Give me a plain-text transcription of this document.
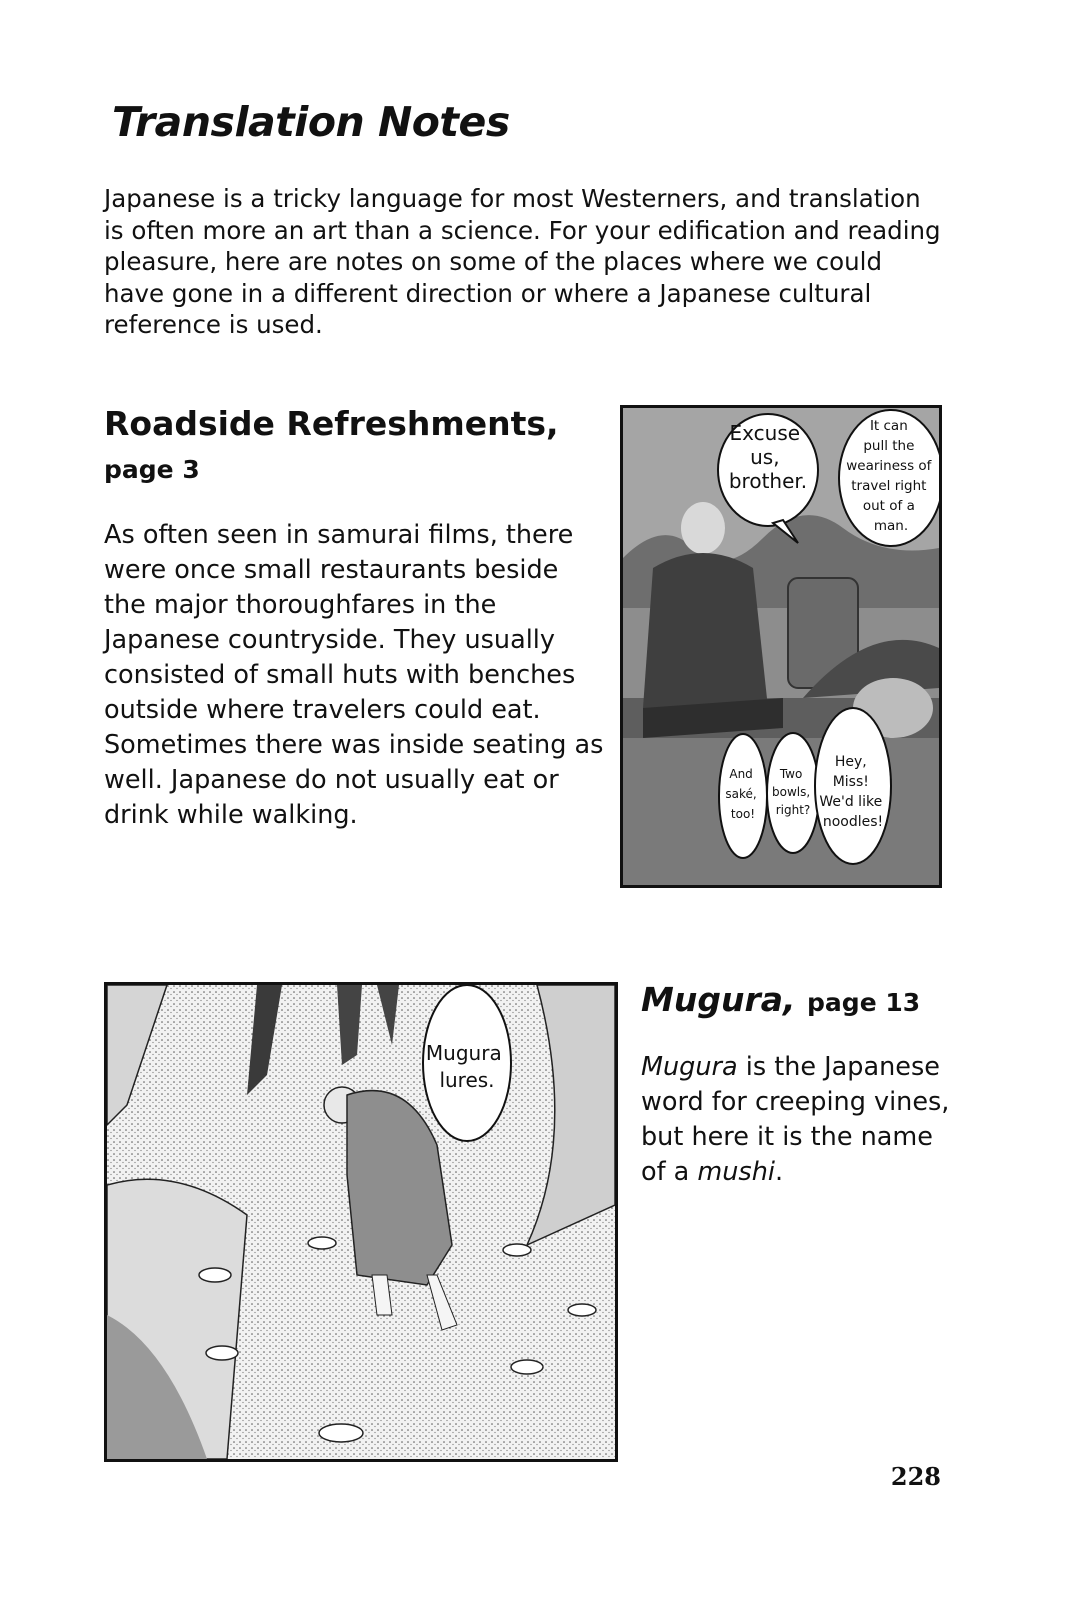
Translation Notes

Japanese is a tricky language for most Westerners, and translation is often more an art than a science. For your edification and reading pleasure, here are notes on some of the places where we could have gone in a different direction or where a Japanese cultural reference is used.

Roadside Refreshments,

page 3

As often seen in samurai films, there were once small restaurants beside the major thoroughfares in the Japanese countryside. They usually consisted of small huts with benches outside where travelers could eat. Sometimes there was inside seating as well. Japanese do not usually eat or drink while walking.

Excuse us, brother.
It can pull the weariness of travel right out of a man.
And saké, too!
Two bowls, right?
Hey, Miss! We'd like noodles!
Mugura lures.
Mugura, page 13

Mugura is the Japanese word for creeping vines, but here it is the name of a mushi.

228
